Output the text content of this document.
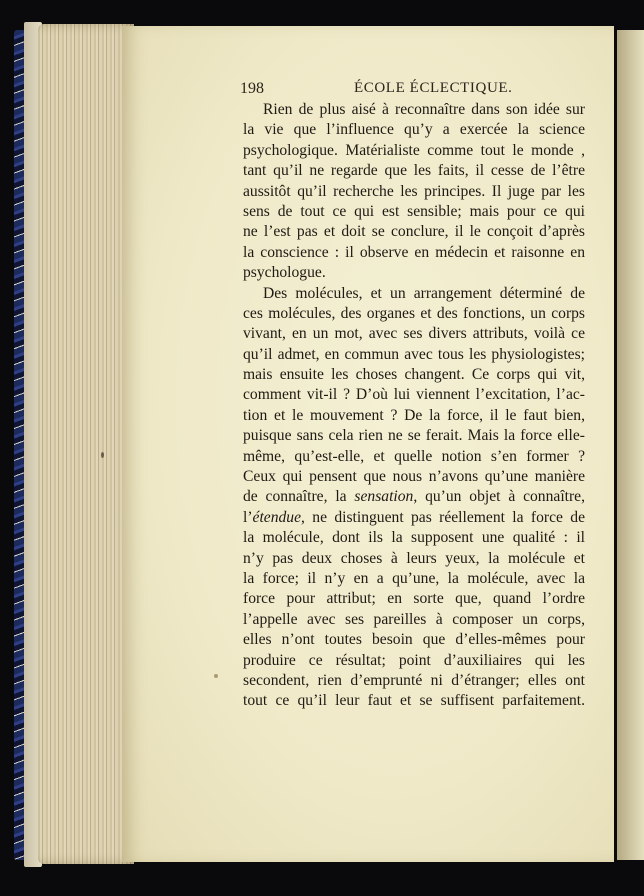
198	ÉCOLE ÉCLECTIQUE.

Rien de plus aisé à reconnaître dans son idée sur
la vie que l’influence qu’y a exercée la science
psychologique. Matérialiste comme tout le monde ,
tant qu’il ne regarde que les faits, il cesse de l’être
aussitôt qu’il recherche les principes. Il juge par les
sens de tout ce qui est sensible; mais pour ce qui
ne l’est pas et doit se conclure, il le conçoit d’après
la conscience : il observe en médecin et raisonne en
psychologue.

Des molécules, et un arrangement déterminé de
ces molécules, des organes et des fonctions, un corps
vivant, en un mot, avec ses divers attributs, voilà ce
qu’il admet, en commun avec tous les physiologistes;
mais ensuite les choses changent. Ce corps qui vit,
comment vit-il ? D’où lui viennent l’excitation, l’ac-
tion et le mouvement ? De la force, il le faut bien,
puisque sans cela rien ne se ferait. Mais la force elle-
même, qu’est-elle, et quelle notion s’en former ?
Ceux qui pensent que nous n’avons qu’une manière
de connaître, la sensation, qu’un objet à connaître,
l’étendue, ne distinguent pas réellement la force de
la molécule, dont ils la supposent une qualité : il
n’y pas deux choses à leurs yeux, la molécule et
la force; il n’y en a qu’une, la molécule, avec la
force pour attribut; en sorte que, quand l’ordre
l’appelle avec ses pareilles à composer un corps,
elles n’ont toutes besoin que d’elles-mêmes pour
produire ce résultat; point d’auxiliaires qui les
secondent, rien d’emprunté ni d’étranger; elles ont
tout ce qu’il leur faut et se suffisent parfaitement.
